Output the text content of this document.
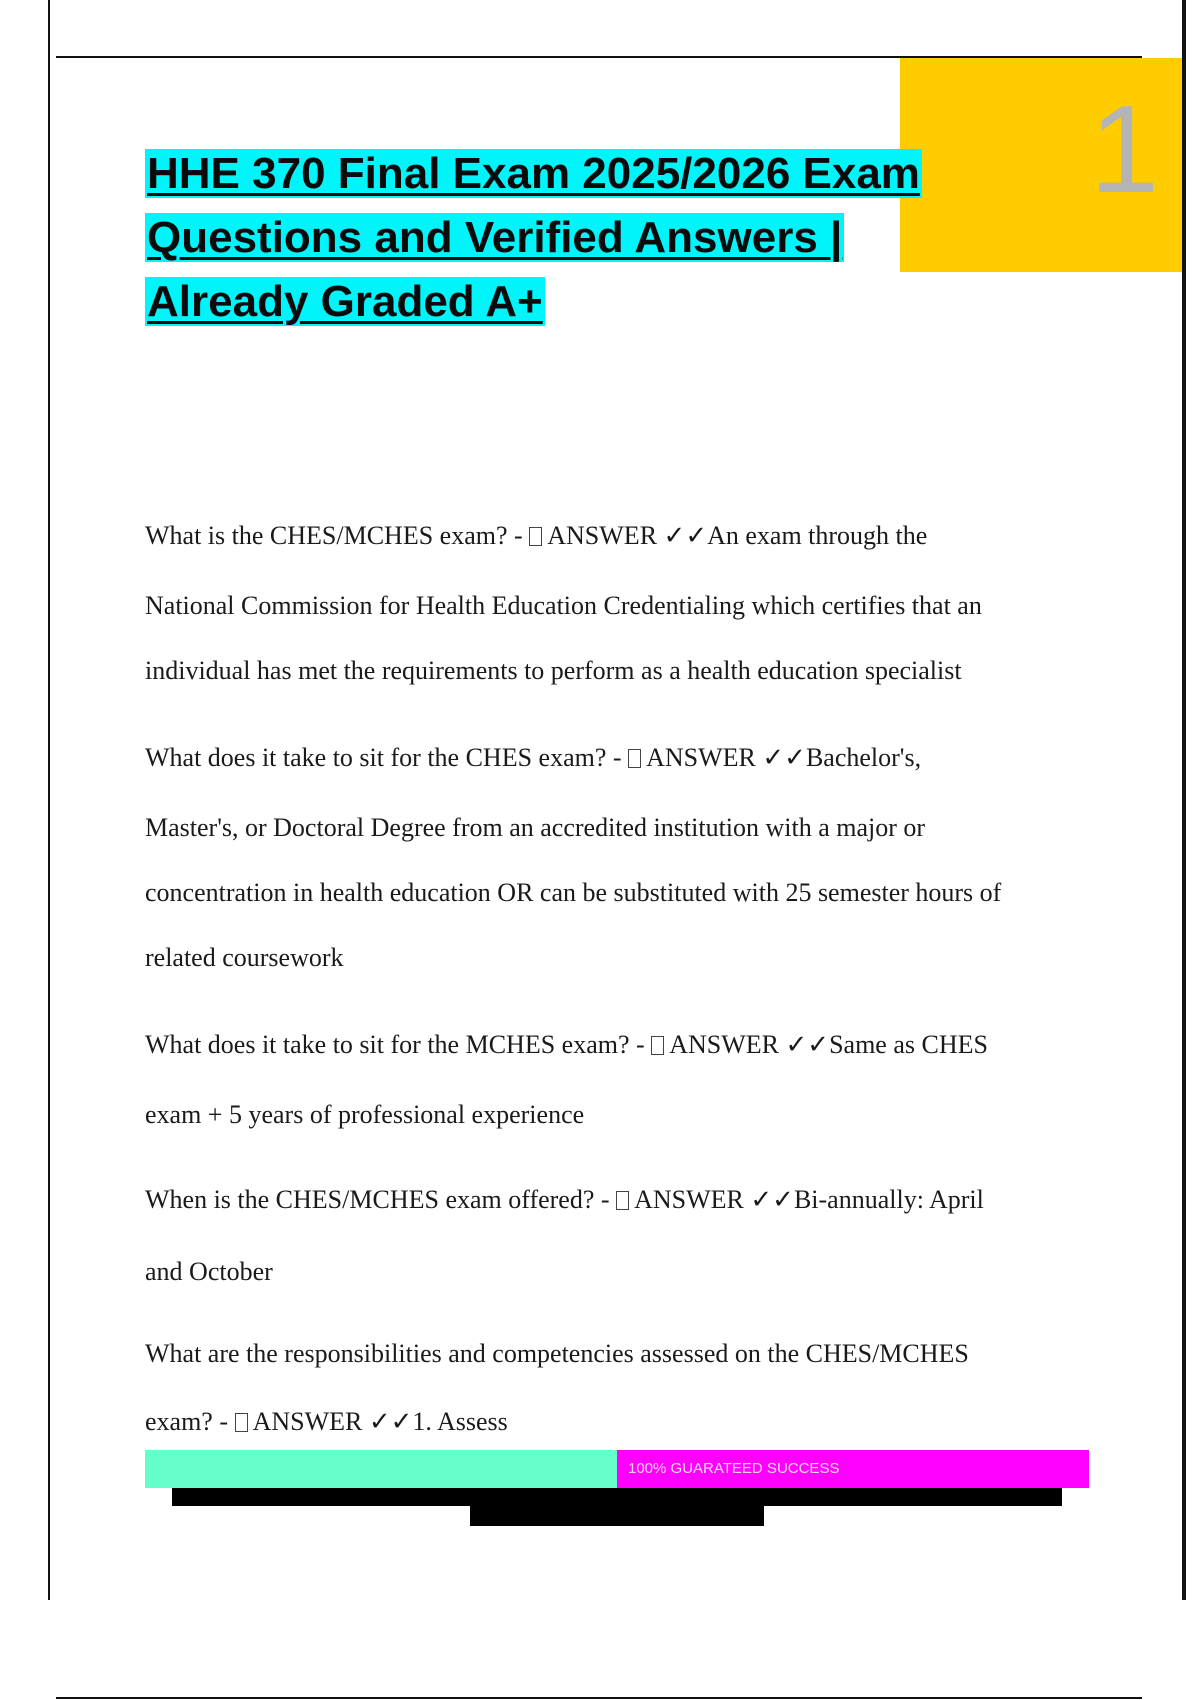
1
HHE 370 Final Exam 2025/2026 Exam
Questions and Verified Answers |
Already Graded A+
What is the CHES/MCHES exam? -  ANSWER ✓✓An exam through the
National Commission for Health Education Credentialing which certifies that an
individual has met the requirements to perform as a health education specialist
What does it take to sit for the CHES exam? -  ANSWER ✓✓Bachelor's,
Master's, or Doctoral Degree from an accredited institution with a major or
concentration in health education OR can be substituted with 25 semester hours of
related coursework
What does it take to sit for the MCHES exam? -  ANSWER ✓✓Same as CHES
exam + 5 years of professional experience
When is the CHES/MCHES exam offered? -  ANSWER ✓✓Bi-annually: April
and October
What are the responsibilities and competencies assessed on the CHES/MCHES
exam? -  ANSWER ✓✓1. Assess
100% GUARATEED SUCCESS
